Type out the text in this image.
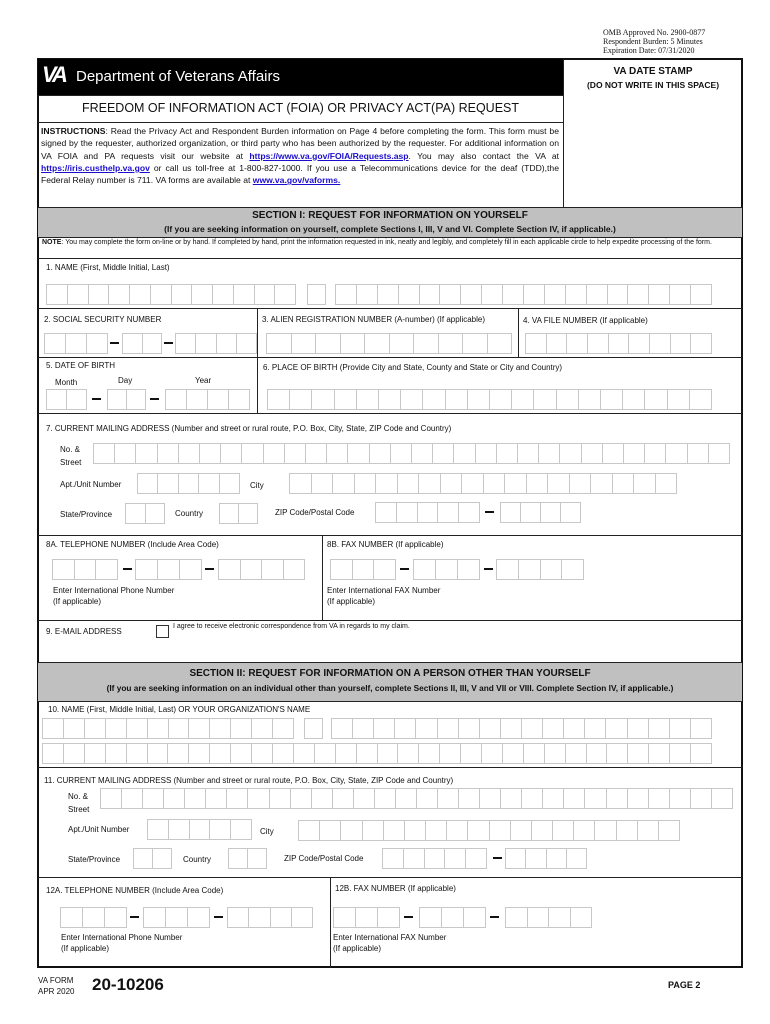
OMB Approved No. 2900-0877
Respondent Burden: 5 Minutes
Expiration Date: 07/31/2020
VA Department of Veterans Affairs	VA DATE STAMP
(DO NOT WRITE IN THIS SPACE)
FREEDOM OF INFORMATION ACT (FOIA) OR PRIVACY ACT(PA) REQUEST
INSTRUCTIONS: Read the Privacy Act and Respondent Burden information on Page 4 before completing the form. This form must be signed by the requester, authorized organization, or third party who has been authorized by the requester. For additional information on VA FOIA and PA requests visit our website at https://www.va.gov/FOIA/Requests.asp. You may also contact the VA at https://iris.custhelp.va.gov or call us toll-free at 1-800-827-1000. If you use a Telecommunications device for the deaf (TDD),the Federal Relay number is 711. VA forms are available at www.va.gov/vaforms.
SECTION I: REQUEST FOR INFORMATION ON YOURSELF
(If you are seeking information on yourself, complete Sections I, III, V and VI. Complete Section IV, if applicable.)
NOTE: You may complete the form on-line or by hand. If completed by hand, print the information requested in ink, neatly and legibly, and completely fill in each applicable circle to help expedite processing of the form.
1. NAME (First, Middle Initial, Last)
2. SOCIAL SECURITY NUMBER	3. ALIEN REGISTRATION NUMBER (A-number) (If applicable)	4. VA FILE NUMBER (If applicable)
5. DATE OF BIRTH
Month	Day	Year
6. PLACE OF BIRTH (Provide City and State, County and State or City and Country)
7. CURRENT MAILING ADDRESS (Number and street or rural route, P.O. Box, City, State, ZIP Code and Country)
No. &
Street
Apt./Unit Number	City
State/Province	Country	ZIP Code/Postal Code
8A. TELEPHONE NUMBER (Include Area Code)	8B. FAX NUMBER (If applicable)
Enter International Phone Number
(If applicable)
Enter International FAX Number
(If applicable)
9. E-MAIL ADDRESS
I agree to receive electronic correspondence from VA in regards to my claim.
SECTION II: REQUEST FOR INFORMATION ON A PERSON OTHER THAN YOURSELF
(If you are seeking information on an individual other than yourself, complete Sections II, III, V and VII or VIII. Complete Section IV, if applicable.)
10. NAME (First, Middle Initial, Last) OR YOUR ORGANIZATION'S NAME
11. CURRENT MAILING ADDRESS (Number and street or rural route, P.O. Box, City, State, ZIP Code and Country)
No. &
Street
Apt./Unit Number	City
State/Province	Country	ZIP Code/Postal Code
12A. TELEPHONE NUMBER (Include Area Code)	12B. FAX NUMBER (If applicable)
Enter International Phone Number
(If applicable)
Enter International FAX Number
(If applicable)
VA FORM
APR 2020 20-10206	PAGE 2
